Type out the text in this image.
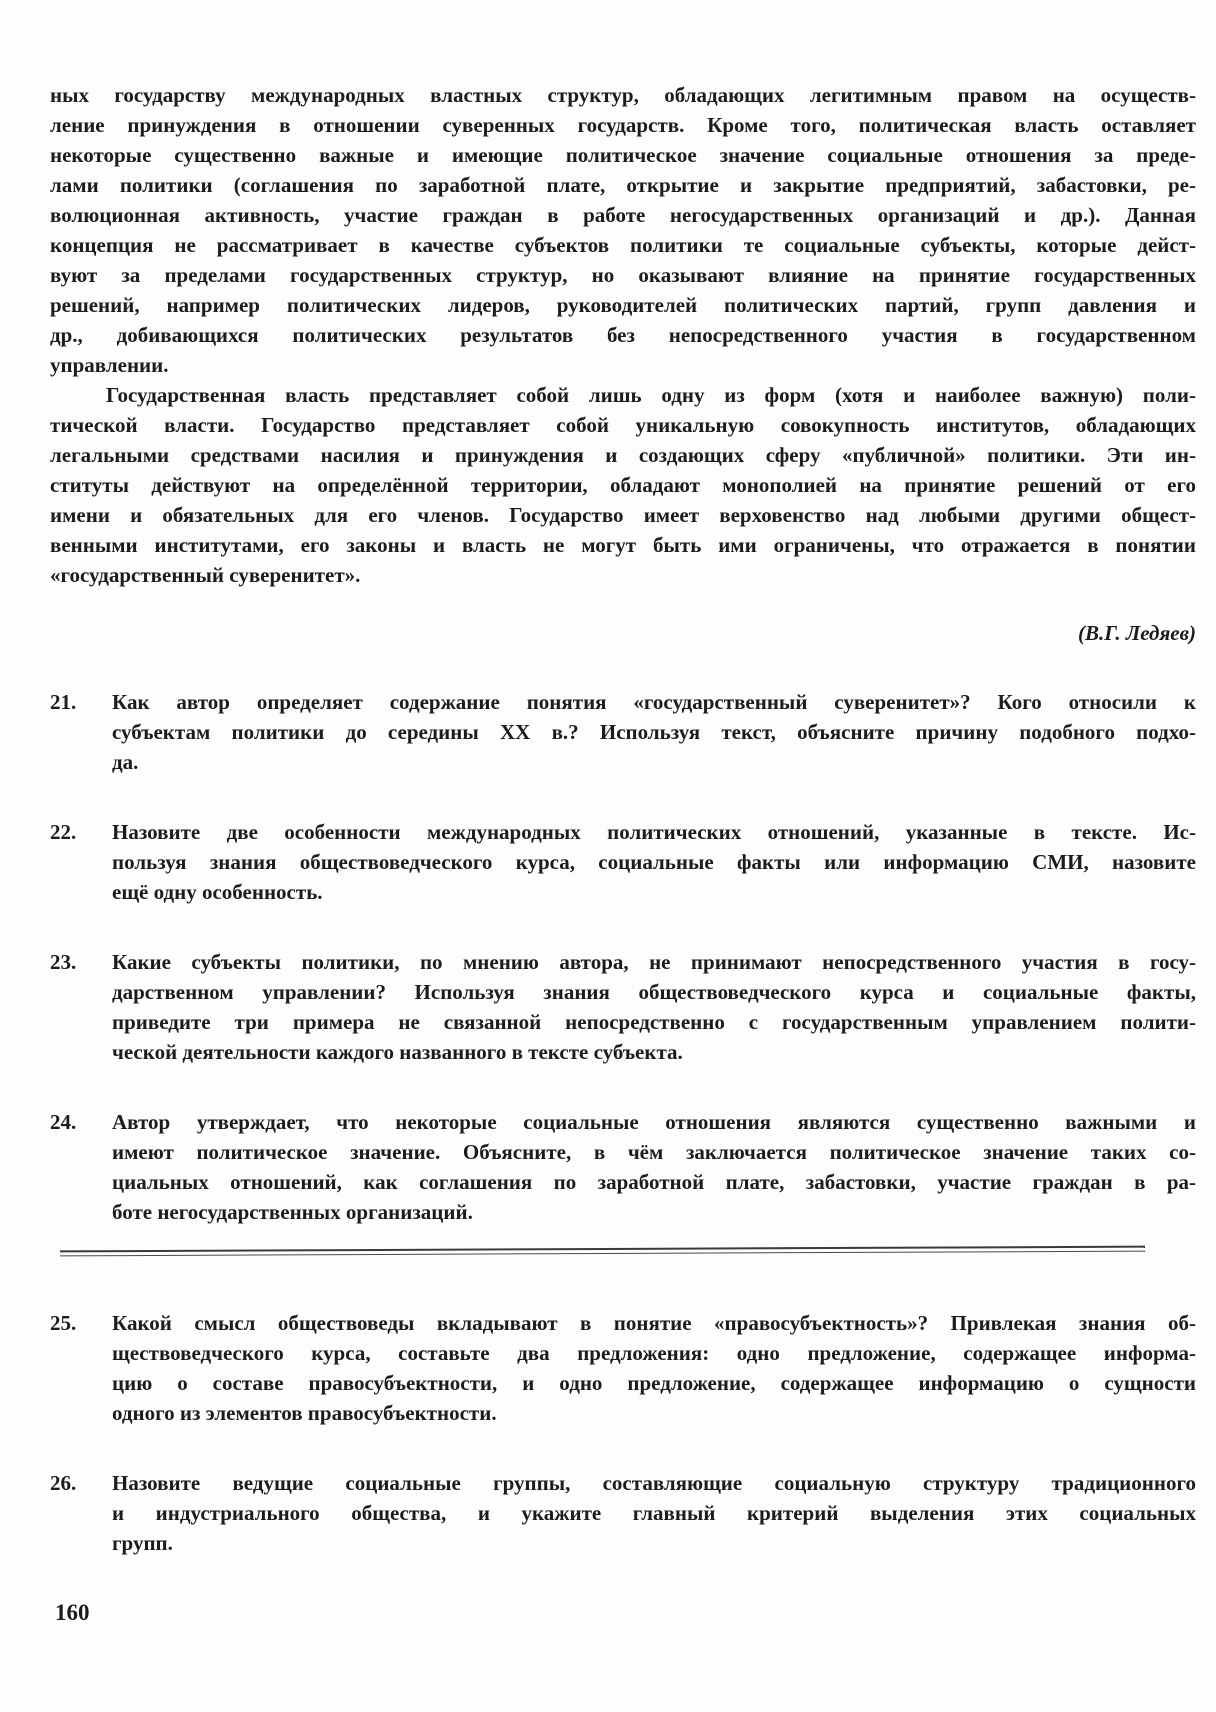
ных государству международных властных структур, обладающих легитимным правом на осуществ-
ление принуждения в отношении суверенных государств. Кроме того, политическая власть оставляет
некоторые существенно важные и имеющие политическое значение социальные отношения за преде-
лами политики (соглашения по заработной плате, открытие и закрытие предприятий, забастовки, ре-
волюционная активность, участие граждан в работе негосударственных организаций и др.). Данная
концепция не рассматривает в качестве субъектов политики те социальные субъекты, которые дейст-
вуют за пределами государственных структур, но оказывают влияние на принятие государственных
решений, например политических лидеров, руководителей политических партий, групп давления и
др., добивающихся политических результатов без непосредственного участия в государственном
управлении.
Государственная власть представляет собой лишь одну из форм (хотя и наиболее важную) поли-
тической власти. Государство представляет собой уникальную совокупность институтов, обладающих
легальными средствами насилия и принуждения и создающих сферу «публичной» политики. Эти ин-
ституты действуют на определённой территории, обладают монополией на принятие решений от его
имени и обязательных для его членов. Государство имеет верховенство над любыми другими общест-
венными институтами, его законы и власть не могут быть ими ограничены, что отражается в понятии
«государственный суверенитет».
(В.Г. Ледяев)
21.	Как автор определяет содержание понятия «государственный суверенитет»? Кого относили к
субъектам политики до середины XX в.? Используя текст, объясните причину подобного подхо-
да.
22.	Назовите две особенности международных политических отношений, указанные в тексте. Ис-
пользуя знания обществоведческого курса, социальные факты или информацию СМИ, назовите
ещё одну особенность.
23.	Какие субъекты политики, по мнению автора, не принимают непосредственного участия в госу-
дарственном управлении? Используя знания обществоведческого курса и социальные факты,
приведите три примера не связанной непосредственно с государственным управлением полити-
ческой деятельности каждого названного в тексте субъекта.
24.	Автор утверждает, что некоторые социальные отношения являются существенно важными и
имеют политическое значение. Объясните, в чём заключается политическое значение таких со-
циальных отношений, как соглашения по заработной плате, забастовки, участие граждан в ра-
боте негосударственных организаций.
25.	Какой смысл обществоведы вкладывают в понятие «правосубъектность»? Привлекая знания об-
ществоведческого курса, составьте два предложения: одно предложение, содержащее информа-
цию о составе правосубъектности, и одно предложение, содержащее информацию о сущности
одного из элементов правосубъектности.
26.	Назовите ведущие социальные группы, составляющие социальную структуру традиционного
и индустриального общества, и укажите главный критерий выделения этих социальных
групп.
160
